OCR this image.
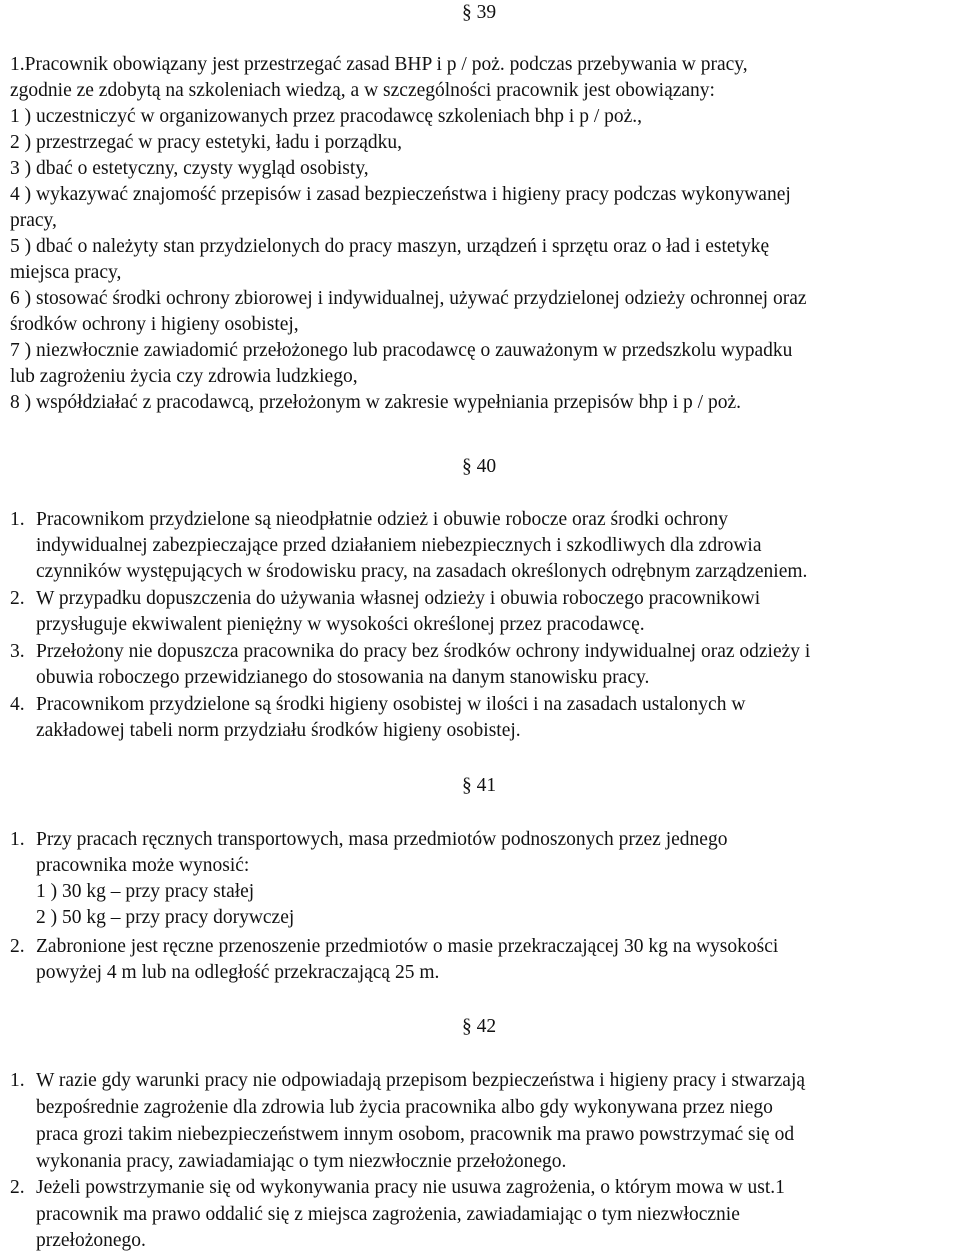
§ 39
1.Pracownik obowiązany jest przestrzegać zasad BHP i p / poż. podczas przebywania w pracy,
zgodnie ze zdobytą na szkoleniach wiedzą, a w szczególności pracownik jest obowiązany:
1 ) uczestniczyć w organizowanych przez pracodawcę szkoleniach bhp i p / poż.,
2 ) przestrzegać w pracy estetyki, ładu i porządku,
3 ) dbać o estetyczny, czysty wygląd osobisty,
4 ) wykazywać znajomość przepisów i zasad bezpieczeństwa i higieny pracy podczas wykonywanej
pracy,
5 ) dbać o należyty stan przydzielonych do pracy maszyn, urządzeń i sprzętu oraz o ład i estetykę
miejsca pracy,
6 ) stosować środki ochrony zbiorowej i indywidualnej, używać przydzielonej odzieży ochronnej oraz
środków ochrony i higieny osobistej,
7 ) niezwłocznie zawiadomić przełożonego lub pracodawcę o zauważonym w przedszkolu wypadku
lub zagrożeniu życia czy zdrowia ludzkiego,
8 ) współdziałać z pracodawcą, przełożonym w zakresie wypełniania przepisów bhp i p / poż.
§ 40
1. Pracownikom przydzielone są nieodpłatnie odzież i obuwie robocze oraz środki ochrony
indywidualnej zabezpieczające przed działaniem niebezpiecznych i szkodliwych dla zdrowia
czynników występujących w środowisku pracy, na zasadach określonych odrębnym zarządzeniem.
2. W przypadku dopuszczenia do używania własnej odzieży i obuwia roboczego pracownikowi
przysługuje ekwiwalent pieniężny w wysokości określonej przez pracodawcę.
3. Przełożony nie dopuszcza pracownika do pracy bez środków ochrony indywidualnej oraz odzieży i
obuwia roboczego przewidzianego do stosowania na danym stanowisku pracy.
4. Pracownikom przydzielone są środki higieny osobistej w ilości i na zasadach ustalonych w
zakładowej tabeli norm przydziału środków higieny osobistej.
§ 41
1. Przy pracach ręcznych transportowych, masa przedmiotów podnoszonych przez jednego
pracownika może wynosić:
1 ) 30 kg – przy pracy stałej
2 ) 50 kg – przy pracy dorywczej
2. Zabronione jest ręczne przenoszenie przedmiotów o masie przekraczającej 30 kg na wysokości
powyżej 4 m lub na odległość przekraczającą 25 m.
§ 42
1. W razie gdy warunki pracy nie odpowiadają przepisom bezpieczeństwa i higieny pracy i stwarzają
bezpośrednie zagrożenie dla zdrowia lub życia pracownika albo gdy wykonywana przez niego
praca grozi takim niebezpieczeństwem innym osobom, pracownik ma prawo powstrzymać się od
wykonania pracy, zawiadamiając o tym niezwłocznie przełożonego.
2. Jeżeli powstrzymanie się od wykonywania pracy nie usuwa zagrożenia, o którym mowa w ust.1
pracownik ma prawo oddalić się z miejsca zagrożenia, zawiadamiając o tym niezwłocznie
przełożonego.
